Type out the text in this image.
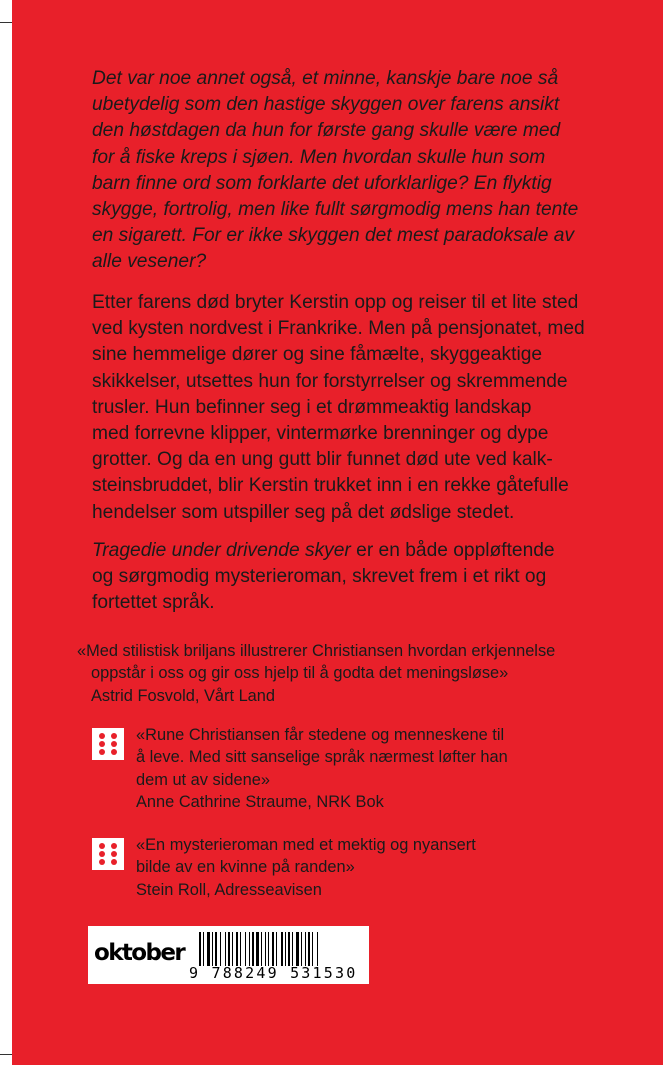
Det var noe annet også, et minne, kanskje bare noe så
ubetydelig som den hastige skyggen over farens ansikt
den høstdagen da hun for første gang skulle være med
for å fiske kreps i sjøen. Men hvordan skulle hun som
barn finne ord som forklarte det uforklarlige? En flyktig
skygge, fortrolig, men like fullt sørgmodig mens han tente
en sigarett. For er ikke skyggen det mest paradoksale av
alle vesener?

Etter farens død bryter Kerstin opp og reiser til et lite sted
ved kysten nordvest i Frankrike. Men på pensjonatet, med
sine hemmelige dører og sine fåmælte, skyggeaktige
skikkelser, utsettes hun for forstyrrelser og skremmende
trusler. Hun befinner seg i et drømmeaktig landskap
med forrevne klipper, vintermørke brenninger og dype
grotter. Og da en ung gutt blir funnet død ute ved kalk-
steinsbruddet, blir Kerstin trukket inn i en rekke gåtefulle
hendelser som utspiller seg på det ødslige stedet.

Tragedie under drivende skyer er en både oppløftende
og sørgmodig mysterieroman, skrevet frem i et rikt og
fortettet språk.

«Med stilistisk briljans illustrerer Christiansen hvordan erkjennelse
oppstår i oss og gir oss hjelp til å godta det meningsløse»
Astrid Fosvold, Vårt Land

«Rune Christiansen får stedene og menneskene til
å leve. Med sitt sanselige språk nærmest løfter han
dem ut av sidene»
Anne Cathrine Straume, NRK Bok

«En mysterieroman med et mektig og nyansert
bilde av en kvinne på randen»
Stein Roll, Adresseavisen

oktober
9 788249 531530
